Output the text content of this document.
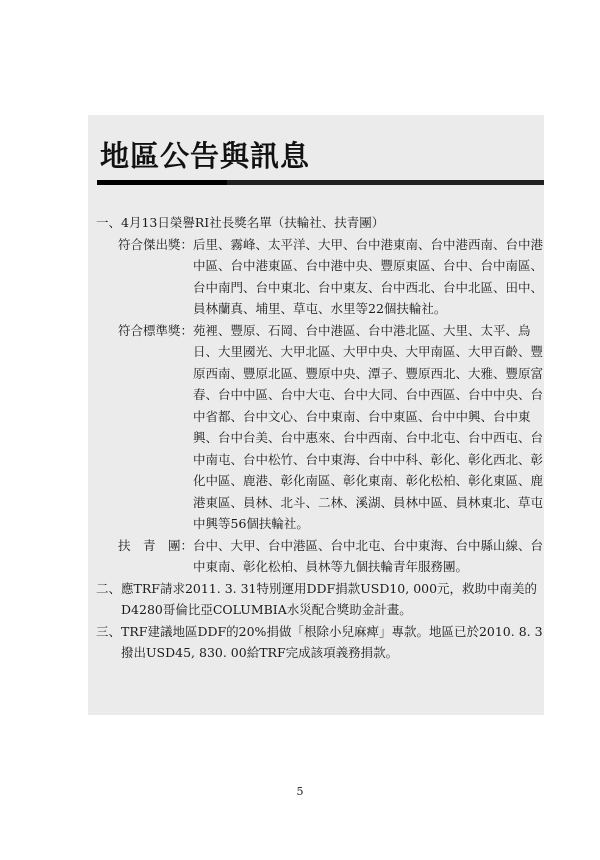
地區公告與訊息
一、 4月13日榮譽RI社長獎名單（扶輪社、扶青團）
符合傑出獎： 后里、霧峰、太平洋、大甲、台中港東南、台中港西南、台中港中區、台中港東區、台中港中央、豐原東區、台中、台中南區、台中南門、台中東北、台中東友、台中西北、台中北區、田中、員林蘭真、埔里、草屯、水里等22個扶輪社。
符合標準獎： 苑裡、豐原、石岡、台中港區、台中港北區、大里、太平、烏日、大里國光、大甲北區、大甲中央、大甲南區、大甲百齡、豐原西南、豐原北區、豐原中央、潭子、豐原西北、大雅、豐原富春、台中中區、台中大屯、台中大同、台中西區、台中中央、台中省都、台中文心、台中東南、台中東區、台中中興、台中東興、台中台美、台中惠來、台中西南、台中北屯、台中西屯、台中南屯、台中松竹、台中東海、台中中科、彰化、彰化西北、彰化中區、鹿港、彰化南區、彰化東南、彰化松柏、彰化東區、鹿港東區、員林、北斗、二林、溪湖、員林中區、員林東北、草屯中興等56個扶輪社。
扶　青　團： 台中、大甲、台中港區、台中北屯、台中東海、台中縣山線、台中東南、彰化松柏、員林等九個扶輪青年服務團。
二、 應TRF請求2011. 3. 31特別運用DDF捐款USD10, 000元，救助中南美的D4280哥倫比亞COLUMBIA水災配合獎助金計畫。
三、 TRF建議地區DDF的20%捐做「根除小兒麻痺」專款。地區已於2010. 8. 3撥出USD45, 830. 00給TRF完成該項義務捐款。
5
